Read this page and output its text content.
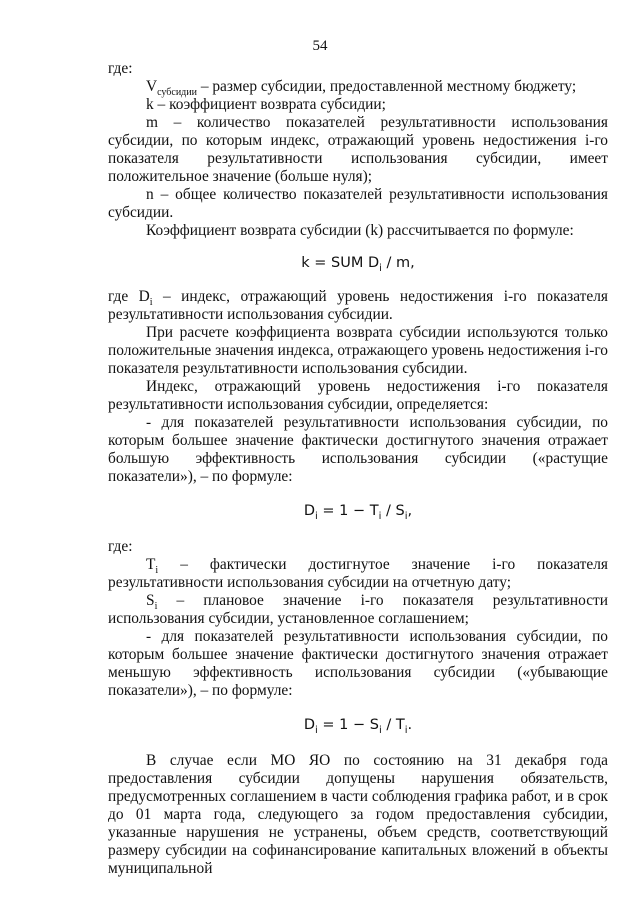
54

где:

$V_{субсидии}$ – размер субсидии, предоставленной местному бюджету;

k – коэффициент возврата субсидии;

m – количество показателей результативности использования субсидии, по которым индекс, отражающий уровень недостижения i-го показателя результативности использования субсидии, имеет положительное значение (больше нуля);

n – общее количество показателей результативности использования субсидии.

Коэффициент возврата субсидии (k) рассчитывается по формуле:

k = SUM $D_i$ / m,

где $D_i$ – индекс, отражающий уровень недостижения i-го показателя результативности использования субсидии.

При расчете коэффициента возврата субсидии используются только положительные значения индекса, отражающего уровень недостижения i-го показателя результативности использования субсидии.

Индекс, отражающий уровень недостижения i-го показателя результативности использования субсидии, определяется:

- для показателей результативности использования субсидии, по которым большее значение фактически достигнутого значения отражает большую эффективность использования субсидии («растущие показатели»), – по формуле:

$D_i = 1 - T_i / S_i$,

где:

$T_i$ – фактически достигнутое значение i-го показателя результативности использования субсидии на отчетную дату;

$S_i$ – плановое значение i-го показателя результативности использования субсидии, установленное соглашением;

- для показателей результативности использования субсидии, по которым большее значение фактически достигнутого значения отражает меньшую эффективность использования субсидии («убывающие показатели»), – по формуле:

$D_i = 1 - S_i / T_i$.

В случае если МО ЯО по состоянию на 31 декабря года предоставления субсидии допущены нарушения обязательств, предусмотренных соглашением в части соблюдения графика работ, и в срок до 01 марта года, следующего за годом предоставления субсидии, указанные нарушения не устранены, объем средств, соответствующий размеру субсидии на софинансирование капитальных вложений в объекты муниципальной
